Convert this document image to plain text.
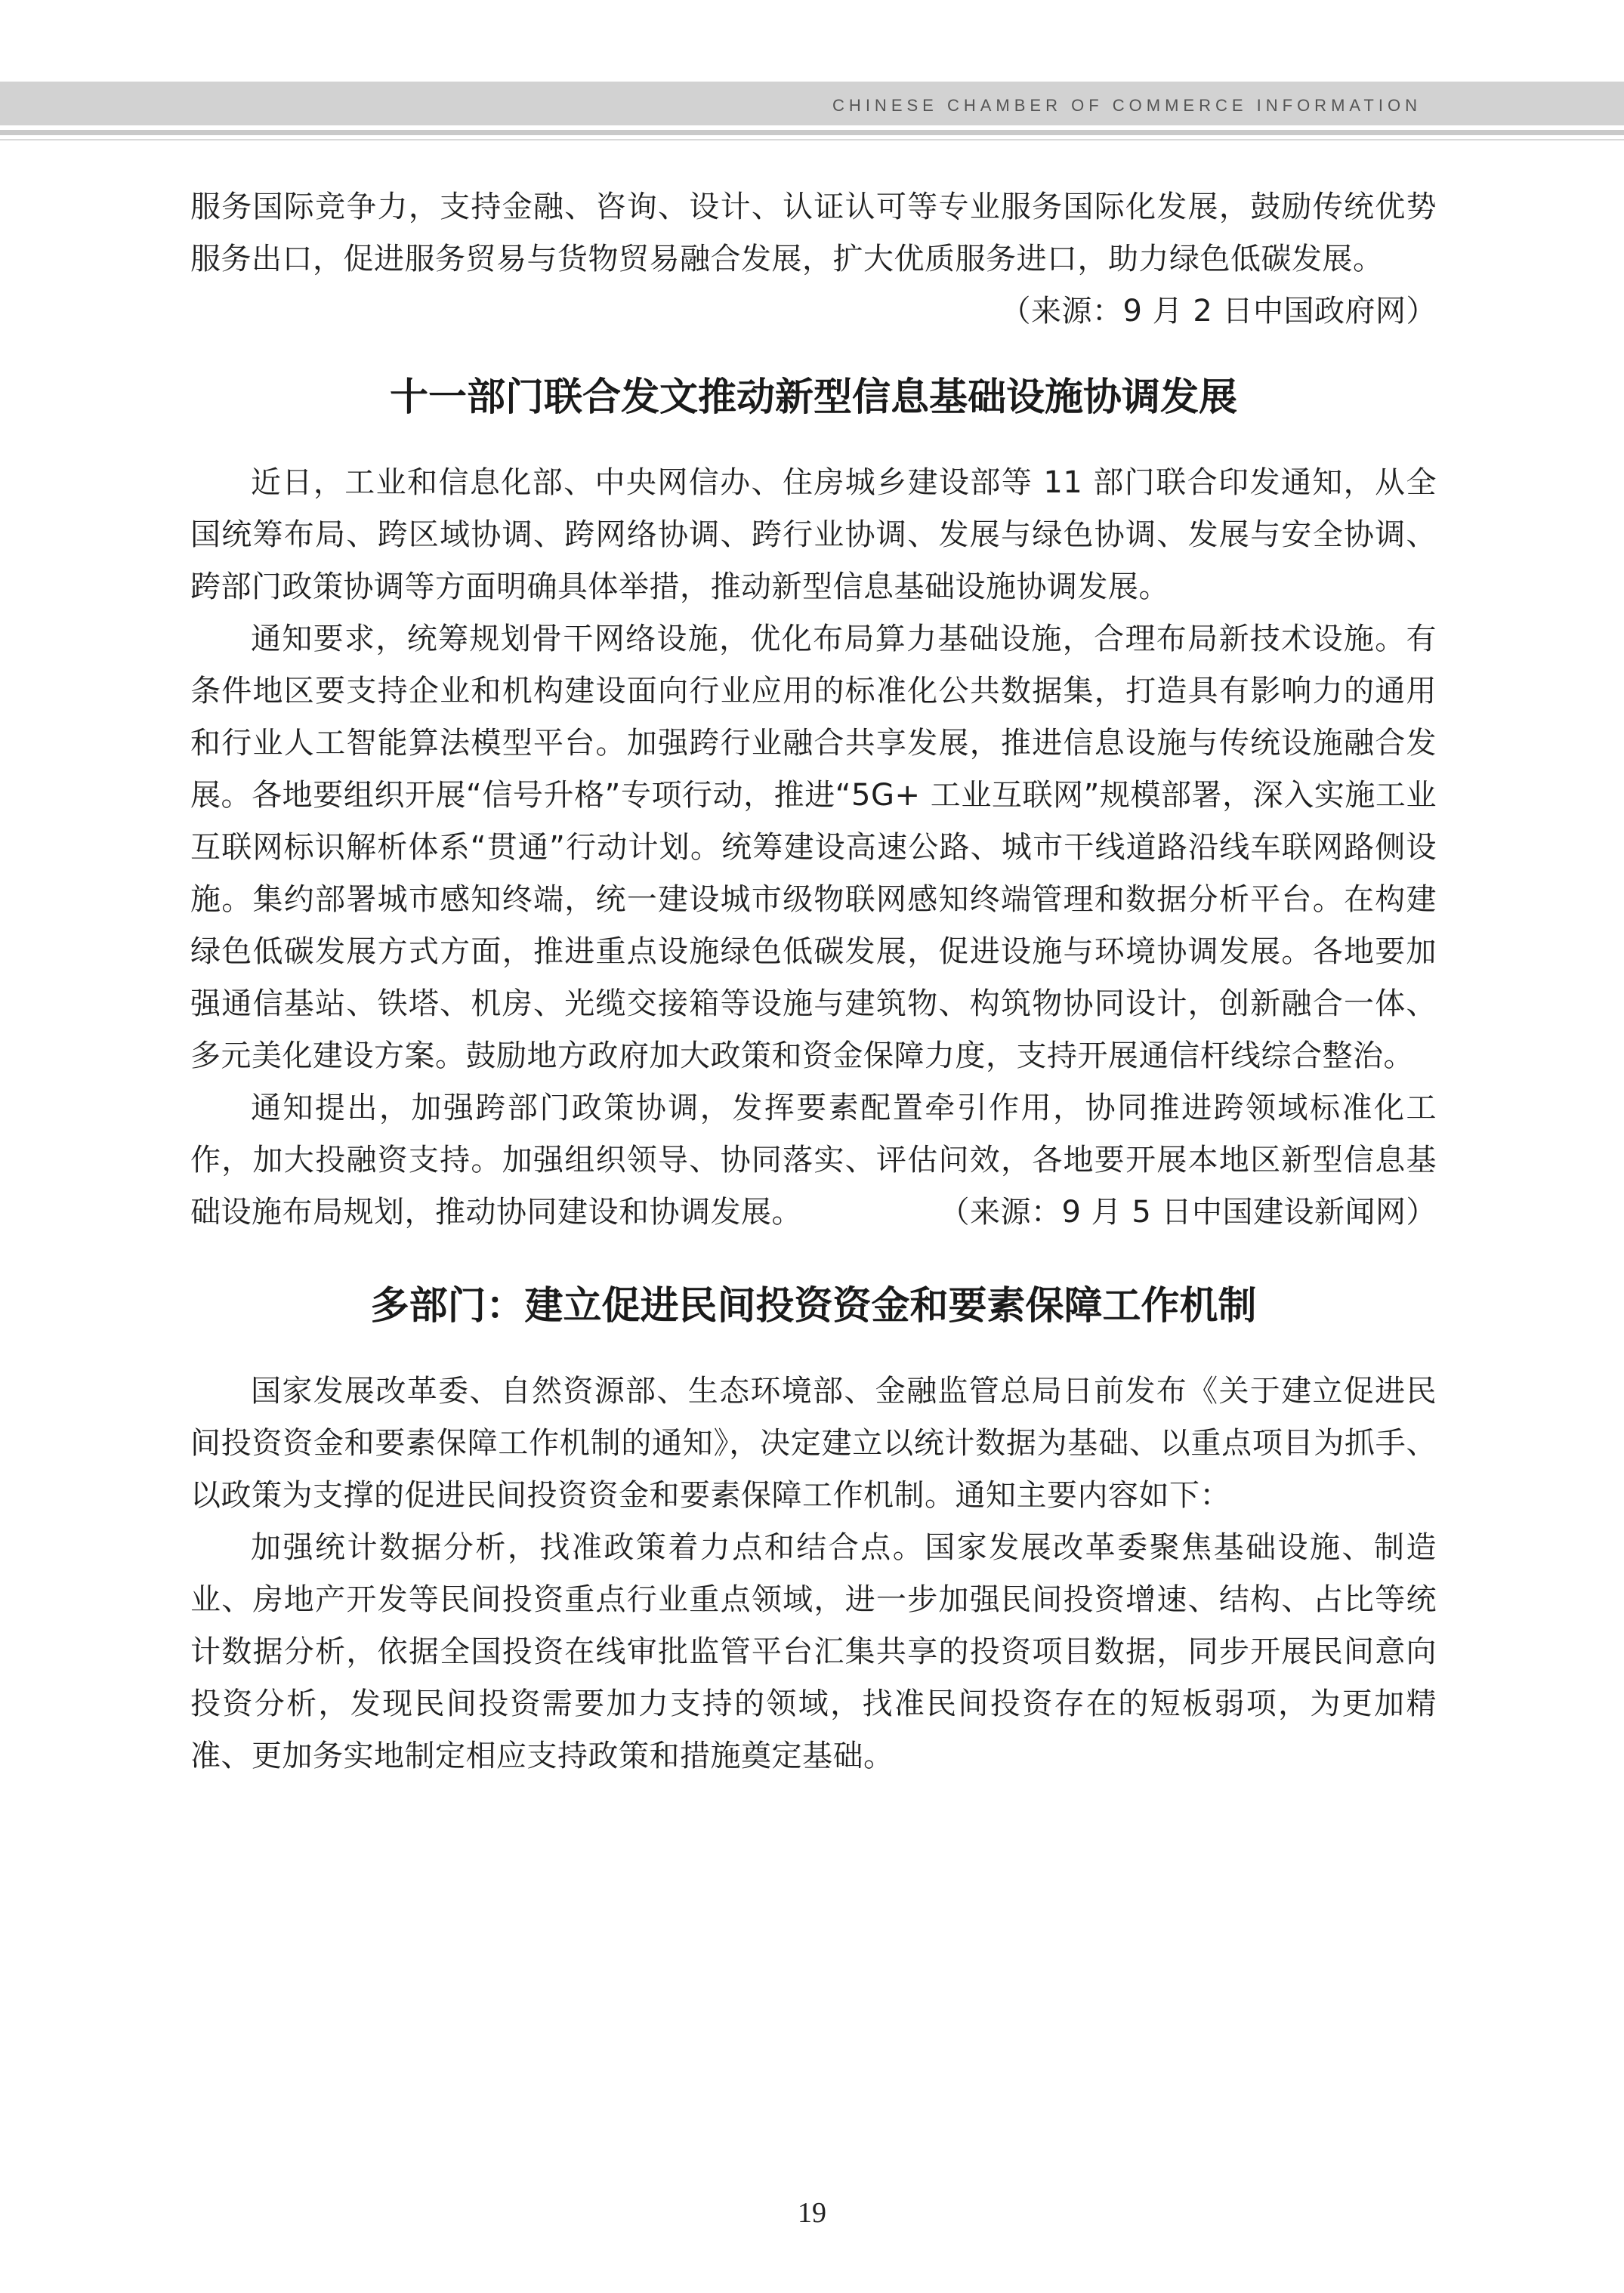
CHINESE CHAMBER OF COMMERCE INFORMATION

服务国际竞争力，支持金融、咨询、设计、认证认可等专业服务国际化发展，鼓励传统优势服务出口，促进服务贸易与货物贸易融合发展，扩大优质服务进口，助力绿色低碳发展。

（来源：9 月 2 日中国政府网）

十一部门联合发文推动新型信息基础设施协调发展

近日，工业和信息化部、中央网信办、住房城乡建设部等 11 部门联合印发通知，从全国统筹布局、跨区域协调、跨网络协调、跨行业协调、发展与绿色协调、发展与安全协调、跨部门政策协调等方面明确具体举措，推动新型信息基础设施协调发展。

通知要求，统筹规划骨干网络设施，优化布局算力基础设施，合理布局新技术设施。有条件地区要支持企业和机构建设面向行业应用的标准化公共数据集，打造具有影响力的通用和行业人工智能算法模型平台。加强跨行业融合共享发展，推进信息设施与传统设施融合发展。各地要组织开展“信号升格”专项行动，推进“5G+ 工业互联网”规模部署，深入实施工业互联网标识解析体系“贯通”行动计划。统筹建设高速公路、城市干线道路沿线车联网路侧设施。集约部署城市感知终端，统一建设城市级物联网感知终端管理和数据分析平台。在构建绿色低碳发展方式方面，推进重点设施绿色低碳发展，促进设施与环境协调发展。各地要加强通信基站、铁塔、机房、光缆交接箱等设施与建筑物、构筑物协同设计，创新融合一体、多元美化建设方案。鼓励地方政府加大政策和资金保障力度，支持开展通信杆线综合整治。

通知提出，加强跨部门政策协调，发挥要素配置牵引作用，协同推进跨领域标准化工作，加大投融资支持。加强组织领导、协同落实、评估问效，各地要开展本地区新型信息基础设施布局规划，推动协同建设和协调发展。	（来源：9 月 5 日中国建设新闻网）

多部门：建立促进民间投资资金和要素保障工作机制

国家发展改革委、自然资源部、生态环境部、金融监管总局日前发布《关于建立促进民间投资资金和要素保障工作机制的通知》，决定建立以统计数据为基础、以重点项目为抓手、以政策为支撑的促进民间投资资金和要素保障工作机制。通知主要内容如下：

加强统计数据分析，找准政策着力点和结合点。国家发展改革委聚焦基础设施、制造业、房地产开发等民间投资重点行业重点领域，进一步加强民间投资增速、结构、占比等统计数据分析，依据全国投资在线审批监管平台汇集共享的投资项目数据，同步开展民间意向投资分析，发现民间投资需要加力支持的领域，找准民间投资存在的短板弱项，为更加精准、更加务实地制定相应支持政策和措施奠定基础。

19
